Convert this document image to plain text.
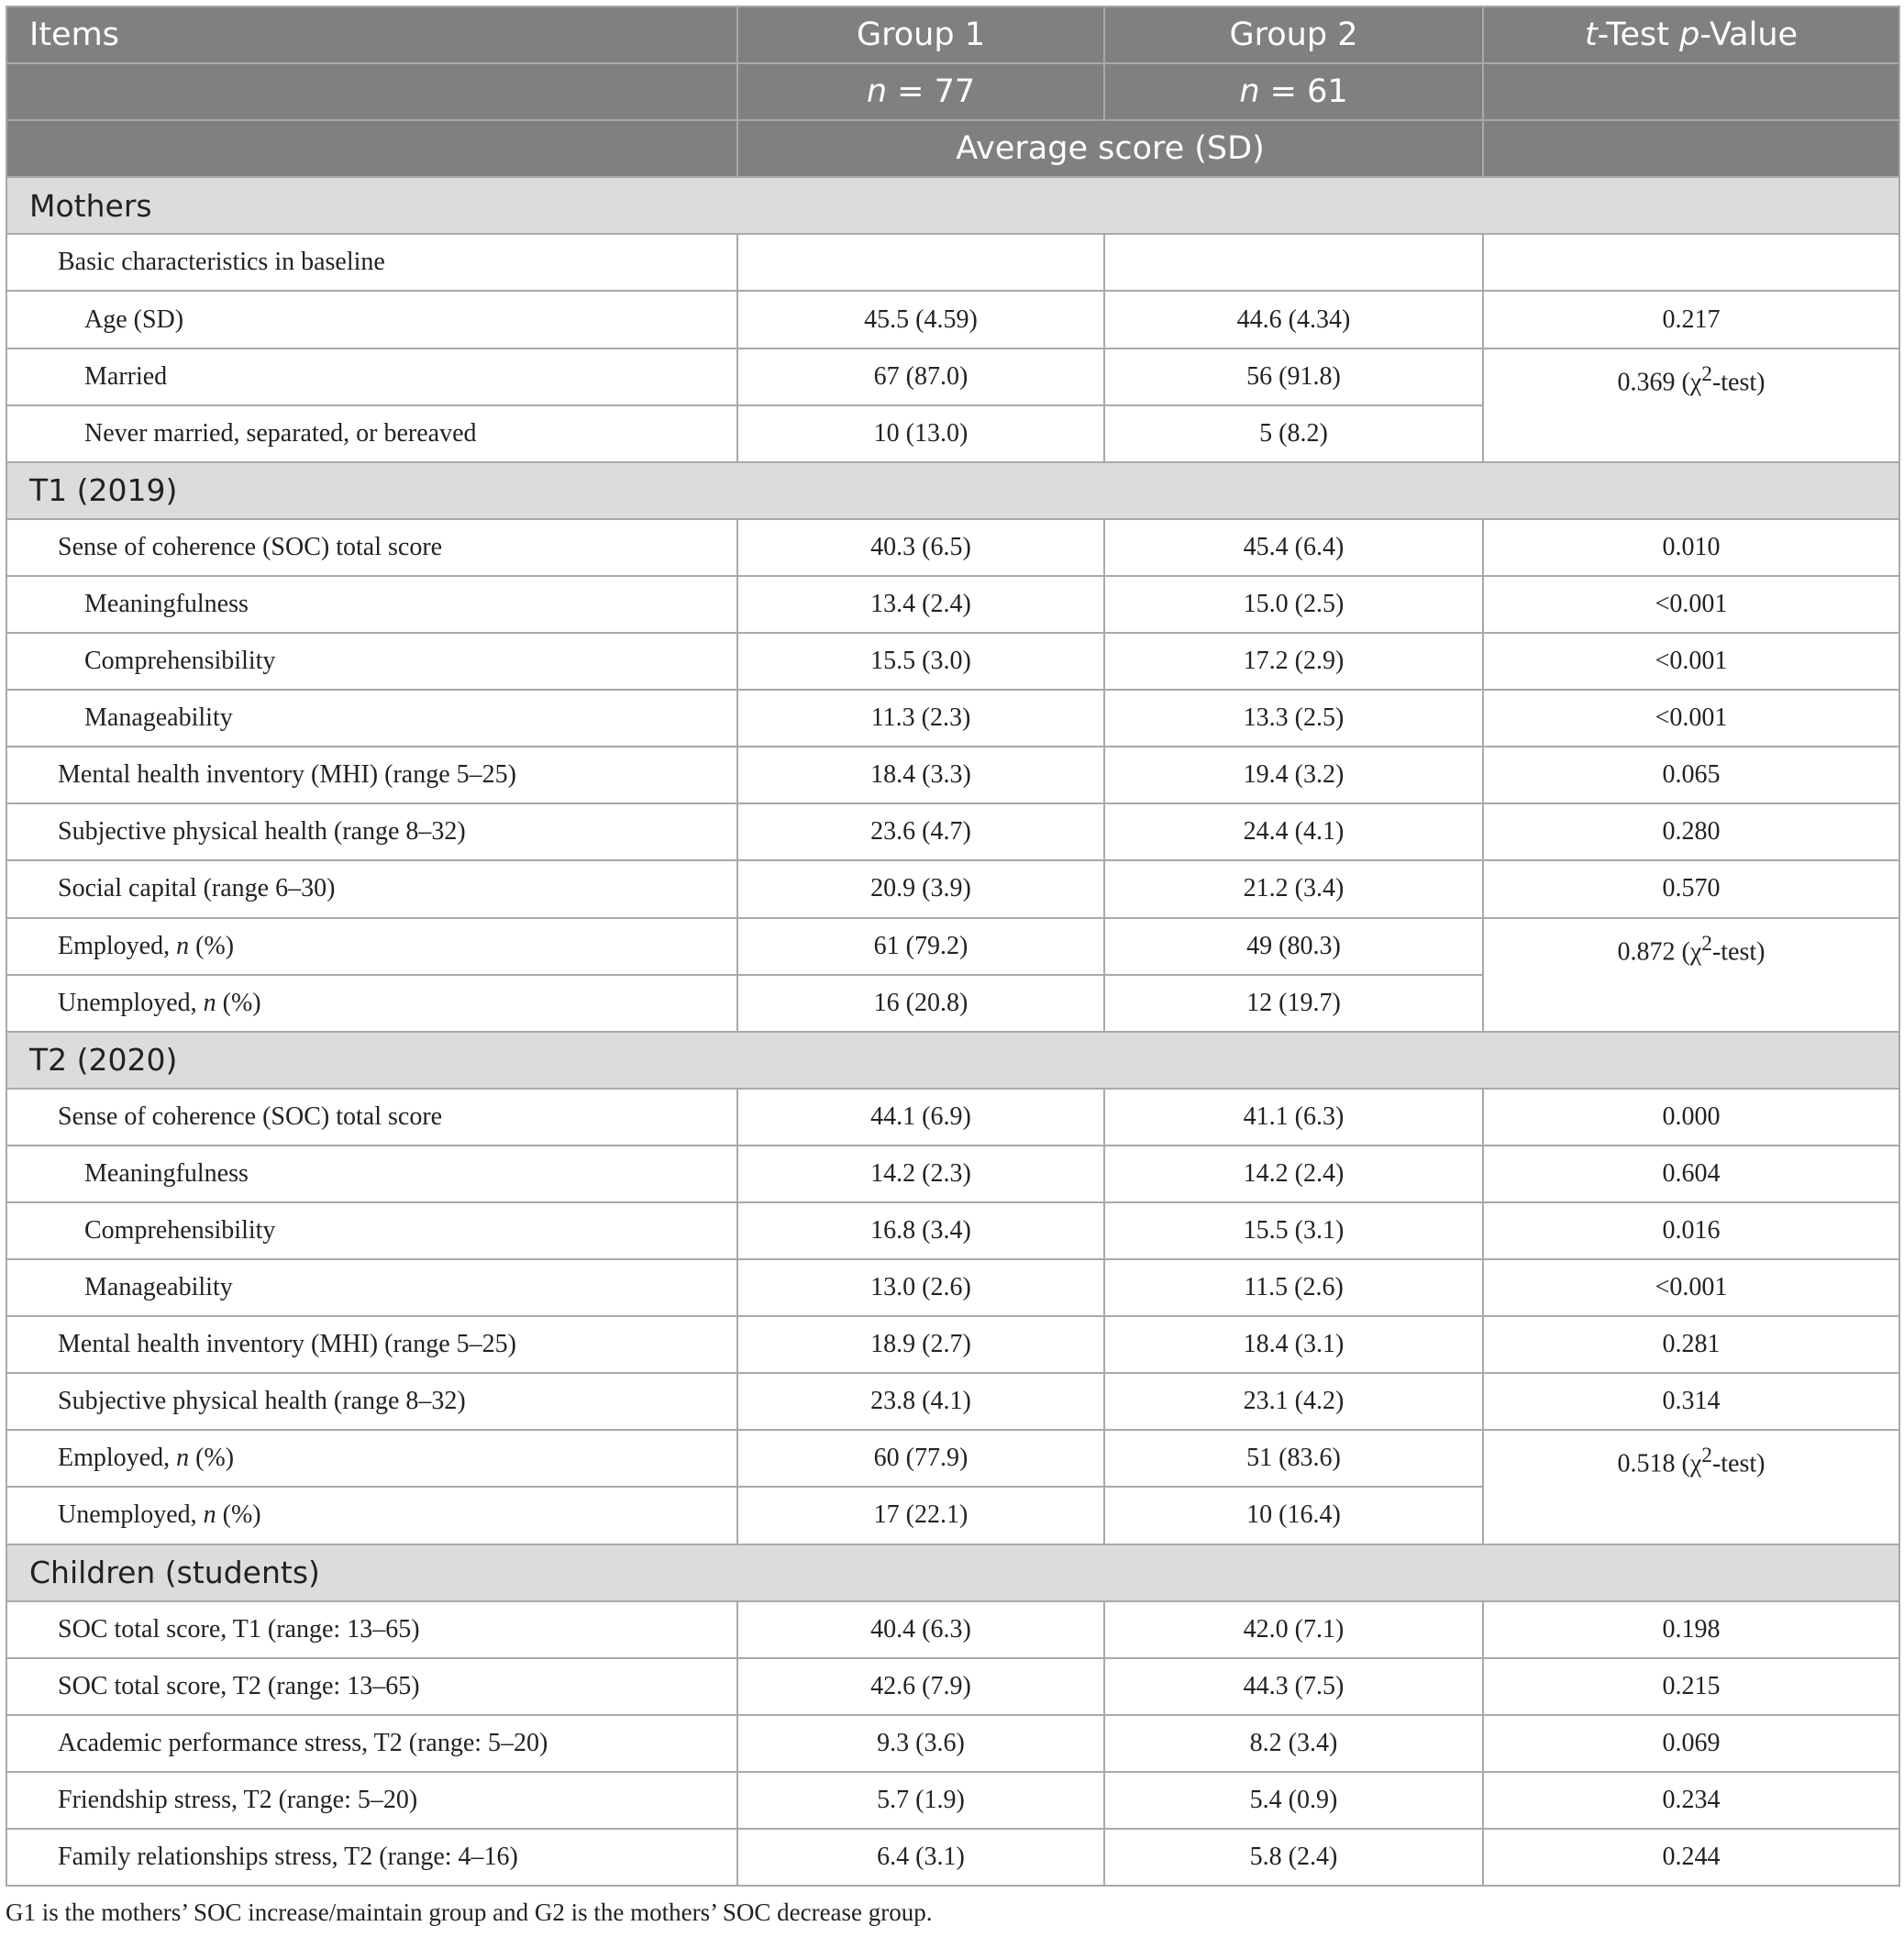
Items	Group 1	Group 2	t-Test p-Value
	n = 77	n = 61	
	Average score (SD)		
Mothers			
Basic characteristics in baseline			
Age (SD)	45.5 (4.59)	44.6 (4.34)	0.217
Married	67 (87.0)	56 (91.8)	0.369 $(\chi^2-test)$
Never married, separated, or bereaved	10 (13.0)	5 (8.2)	
T1 (2019)			
Sense of coherence (SOC) total score	40.3 (6.5)	45.4 (6.4)	0.010
Meaningfulness	13.4 (2.4)	15.0 (2.5)	<0.001
Comprehensibility	15.5 (3.0)	17.2 (2.9)	<0.001
Manageability	11.3 (2.3)	13.3 (2.5)	<0.001
Mental health inventory (MHI) (range 5–25)	18.4 (3.3)	19.4 (3.2)	0.065
Subjective physical health (range 8–32)	23.6 (4.7)	24.4 (4.1)	0.280
Social capital (range 6–30)	20.9 (3.9)	21.2 (3.4)	0.570
Employed, n (%)	61 (79.2)	49 (80.3)	0.872 $(\chi^2-test)$
Unemployed, n (%)	16 (20.8)	12 (19.7)	
T2 (2020)			
Sense of coherence (SOC) total score	44.1 (6.9)	41.1 (6.3)	0.000
Meaningfulness	14.2 (2.3)	14.2 (2.4)	0.604
Comprehensibility	16.8 (3.4)	15.5 (3.1)	0.016
Manageability	13.0 (2.6)	11.5 (2.6)	<0.001
Mental health inventory (MHI) (range 5–25)	18.9 (2.7)	18.4 (3.1)	0.281
Subjective physical health (range 8–32)	23.8 (4.1)	23.1 (4.2)	0.314
Employed, n (%)	60 (77.9)	51 (83.6)	0.518 $(\chi^2-test)$
Unemployed, n (%)	17 (22.1)	10 (16.4)	
Children (students)			
SOC total score, T1 (range: 13–65)	40.4 (6.3)	42.0 (7.1)	0.198
SOC total score, T2 (range: 13–65)	42.6 (7.9)	44.3 (7.5)	0.215
Academic performance stress, T2 (range: 5–20)	9.3 (3.6)	8.2 (3.4)	0.069
Friendship stress, T2 (range: 5–20)	5.7 (1.9)	5.4 (0.9)	0.234
Family relationships stress, T2 (range: 4–16)	6.4 (3.1)	5.8 (2.4)	0.244
G1 is the mothers’ SOC increase/maintain group and G2 is the mothers’ SOC decrease group.
